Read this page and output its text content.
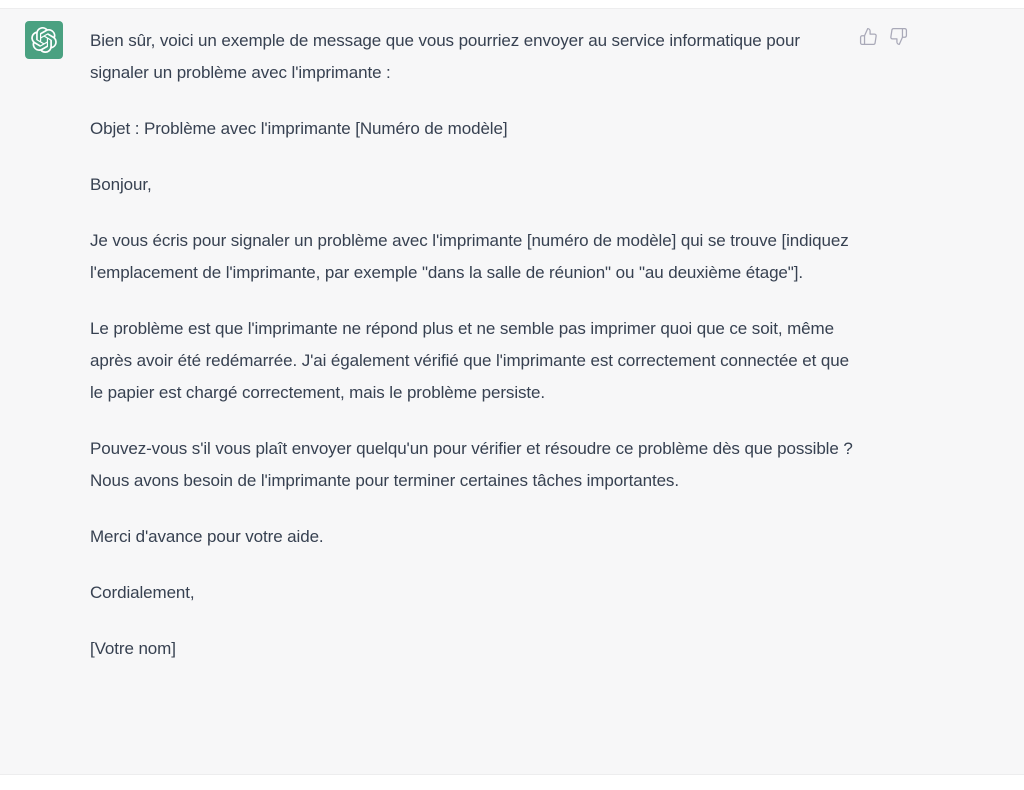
Bien sûr, voici un exemple de message que vous pourriez envoyer au service informatique pour signaler un problème avec l'imprimante :

Objet : Problème avec l'imprimante [Numéro de modèle]

Bonjour,

Je vous écris pour signaler un problème avec l'imprimante [numéro de modèle] qui se trouve [indiquez l'emplacement de l'imprimante, par exemple "dans la salle de réunion" ou "au deuxième étage"].

Le problème est que l'imprimante ne répond plus et ne semble pas imprimer quoi que ce soit, même après avoir été redémarrée. J'ai également vérifié que l'imprimante est correctement connectée et que le papier est chargé correctement, mais le problème persiste.

Pouvez-vous s'il vous plaît envoyer quelqu'un pour vérifier et résoudre ce problème dès que possible ? Nous avons besoin de l'imprimante pour terminer certaines tâches importantes.

Merci d'avance pour votre aide.

Cordialement,

[Votre nom]
